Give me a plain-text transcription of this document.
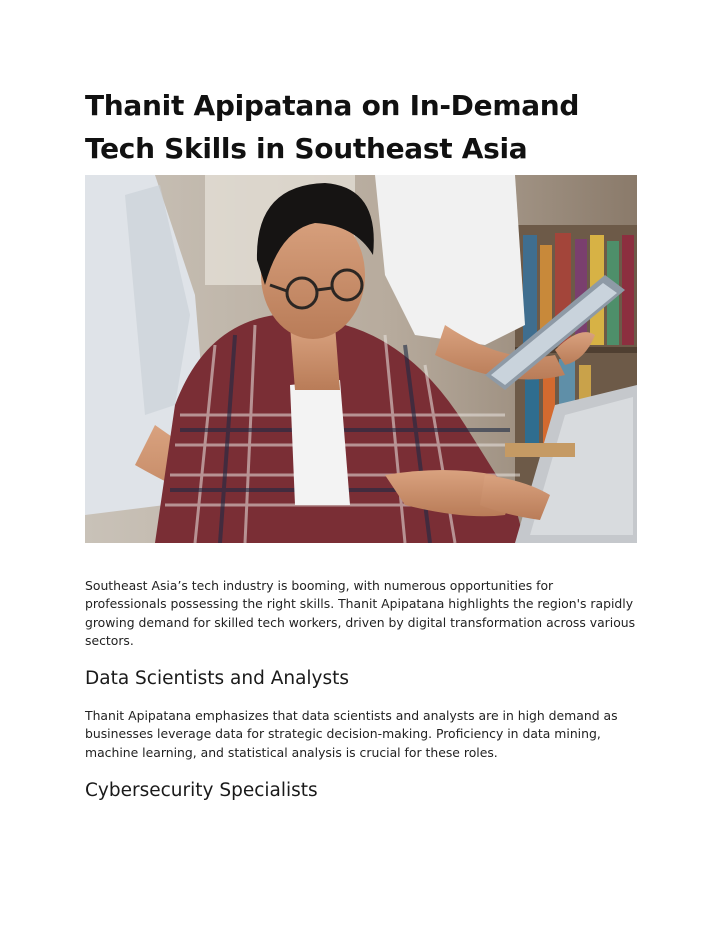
Thanit Apipatana on In-Demand Tech Skills in Southeast Asia

Southeast Asia’s tech industry is booming, with numerous opportunities for professionals possessing the right skills. Thanit Apipatana highlights the region's rapidly growing demand for skilled tech workers, driven by digital transformation across various sectors.

Data Scientists and Analysts

Thanit Apipatana emphasizes that data scientists and analysts are in high demand as businesses leverage data for strategic decision-making. Proficiency in data mining, machine learning, and statistical analysis is crucial for these roles.

Cybersecurity Specialists
